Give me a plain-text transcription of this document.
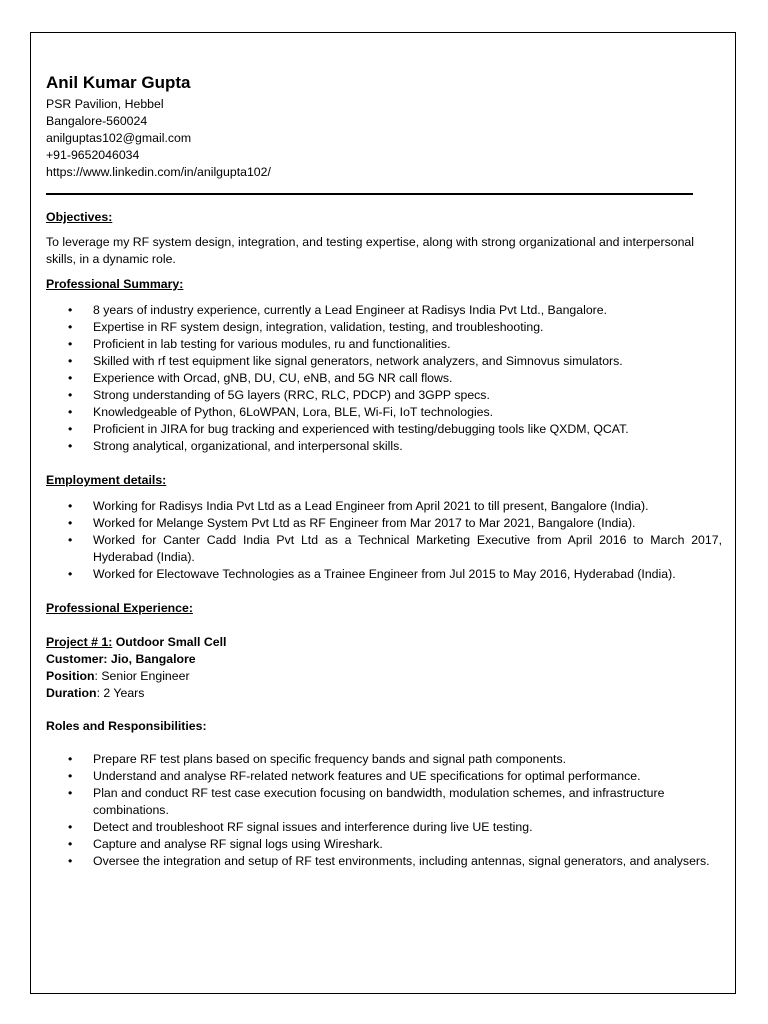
Anil Kumar Gupta
PSR Pavilion, Hebbel
Bangalore-560024
anilguptas102@gmail.com
+91-9652046034
https://www.linkedin.com/in/anilgupta102/
Objectives:
To leverage my RF system design, integration, and testing expertise, along with strong organizational and interpersonal skills, in a dynamic role.
Professional Summary:
• 8 years of industry experience, currently a Lead Engineer at Radisys India Pvt Ltd., Bangalore.
• Expertise in RF system design, integration, validation, testing, and troubleshooting.
• Proficient in lab testing for various modules, ru and functionalities.
• Skilled with rf test equipment like signal generators, network analyzers, and Simnovus simulators.
• Experience with Orcad, gNB, DU, CU, eNB, and 5G NR call flows.
• Strong understanding of 5G layers (RRC, RLC, PDCP) and 3GPP specs.
• Knowledgeable of Python, 6LoWPAN, Lora, BLE, Wi-Fi, IoT technologies.
• Proficient in JIRA for bug tracking and experienced with testing/debugging tools like QXDM, QCAT.
• Strong analytical, organizational, and interpersonal skills.
Employment details:
• Working for Radisys India Pvt Ltd as a Lead Engineer from April 2021 to till present, Bangalore (India).
• Worked for Melange System Pvt Ltd as RF Engineer from Mar 2017 to Mar 2021, Bangalore (India).
• Worked for Canter Cadd India Pvt Ltd as a Technical Marketing Executive from April 2016 to March 2017, Hyderabad (India).
• Worked for Electowave Technologies as a Trainee Engineer from Jul 2015 to May 2016, Hyderabad (India).
Professional Experience:
Project # 1: Outdoor Small Cell
Customer: Jio, Bangalore
Position: Senior Engineer
Duration: 2 Years
Roles and Responsibilities:
• Prepare RF test plans based on specific frequency bands and signal path components.
• Understand and analyse RF-related network features and UE specifications for optimal performance.
• Plan and conduct RF test case execution focusing on bandwidth, modulation schemes, and infrastructure combinations.
• Detect and troubleshoot RF signal issues and interference during live UE testing.
• Capture and analyse RF signal logs using Wireshark.
• Oversee the integration and setup of RF test environments, including antennas, signal generators, and analysers.
